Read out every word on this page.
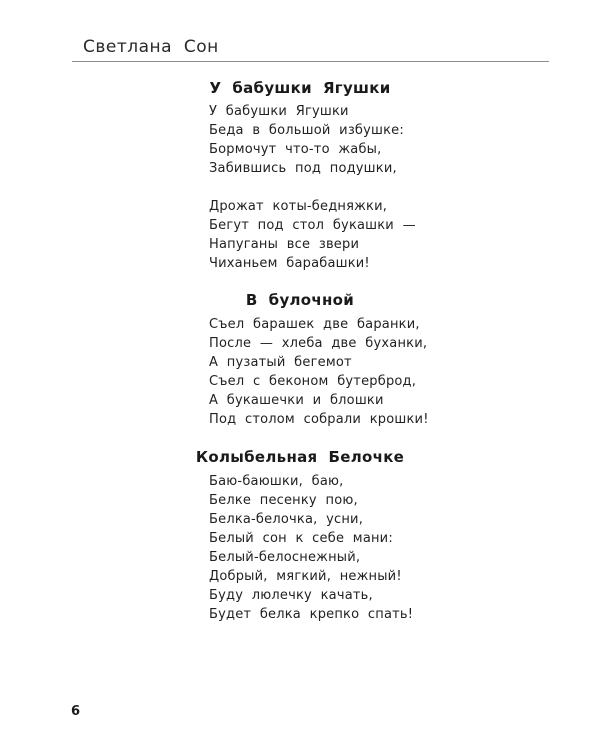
Светлана  Сон
У  бабушки  Ягушки
У  бабушки  Ягушки
Беда  в  большой  избушке:
Бормочут  что-то  жабы,
Забившись  под  подушки,
Дрожат  коты-бедняжки,
Бегут  под  стол  букашки  —
Напуганы  все  звери
Чиханьем  барабашки!
В  булочной
Съел  барашек  две  баранки,
После  —  хлеба  две  буханки,
А  пузатый  бегемот
Съел  с  беконом  бутерброд,
А  букашечки  и  блошки
Под  столом  собрали  крошки!
Колыбельная  Белочке
Баю-баюшки,  баю,
Белке  песенку  пою,
Белка-белочка,  усни,
Белый  сон  к  себе  мани:
Белый-белоснежный,
Добрый,  мягкий,  нежный!
Буду  люлечку  качать,
Будет  белка  крепко  спать!
6
